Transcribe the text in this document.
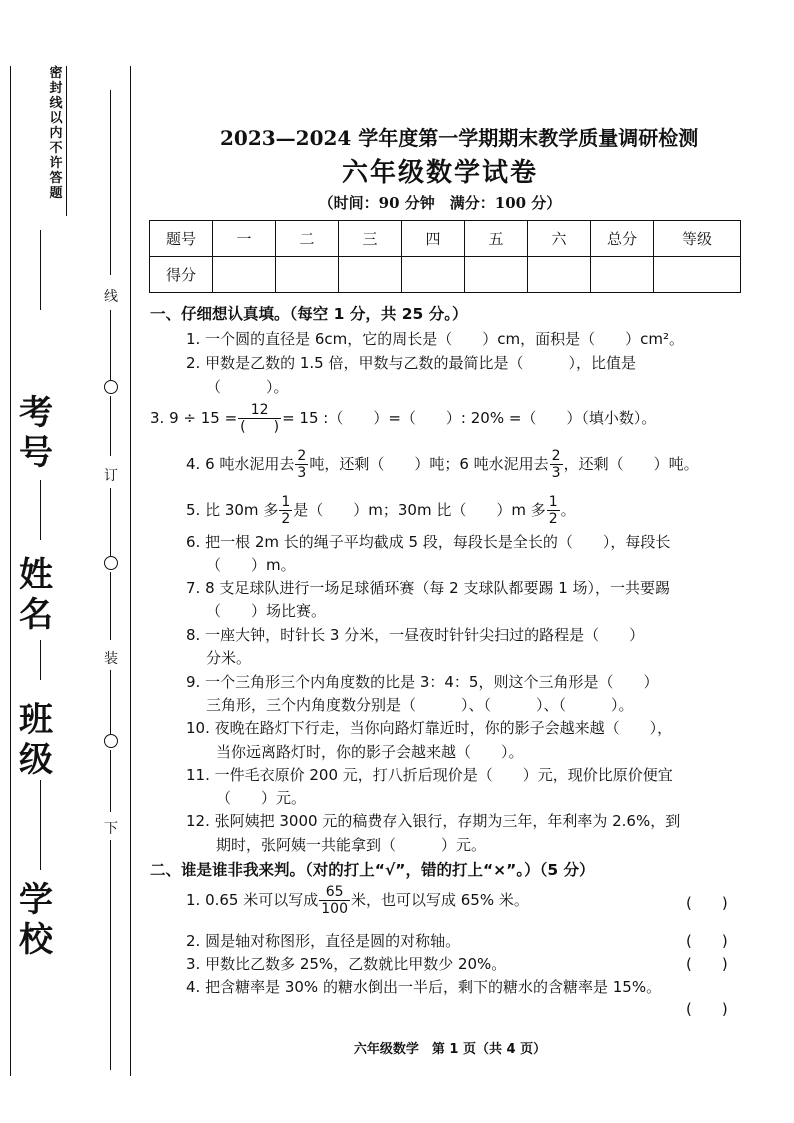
密封线以内不许答题
考号
姓名
班级
学校
线
订
装
下
2023—2024 学年度第一学期期末教学质量调研检测
六年级数学试卷
（时间：90 分钟　满分：100 分）
题号	一	二	三	四	五	六	总分	等级
得分								
一、仔细想认真填。（每空 1 分，共 25 分。）
1. 一个圆的直径是 6cm，它的周长是（　　）cm，面积是（　　）cm²。
2. 甲数是乙数的 1.5 倍，甲数与乙数的最简比是（　　　），比值是
（　　　）。
3. $9 \div 15 = \frac{12}{( )} = 15$ :（　　）=（　　）: 20% =（　　）（填小数）。
4. 6 吨水泥用去 $\frac{2}{3}$ 吨，还剩（　　）吨；6 吨水泥用去 $\frac{2}{3}$ ，还剩（　　）吨。
5. 比 30m 多 $\frac{1}{2}$ 是（　　）m；30m 比（　　）m 多 $\frac{1}{2}$ 。
6. 把一根 2m 长的绳子平均截成 5 段，每段长是全长的（　　），每段长
（　　）m。
7. 8 支足球队进行一场足球循环赛（每 2 支球队都要踢 1 场），一共要踢
（　　）场比赛。
8. 一座大钟，时针长 3 分米，一昼夜时针针尖扫过的路程是（　　）
分米。
9. 一个三角形三个内角度数的比是 3：4：5，则这个三角形是（　　）
三角形，三个内角度数分别是（　　　）、（　　　）、（　　　）。
10. 夜晚在路灯下行走，当你向路灯靠近时，你的影子会越来越（　　），
当你远离路灯时，你的影子会越来越（　　）。
11. 一件毛衣原价 200 元，打八折后现价是（　　）元，现价比原价便宜
（　　）元。
12. 张阿姨把 3000 元的稿费存入银行，存期为三年，年利率为 2.6%，到
期时，张阿姨一共能拿到（　　　）元。
二、谁是谁非我来判。（对的打上“√”，错的打上“×”。）（5 分）
1. 0.65 米可以写成 $\frac{65}{100}$ 米，也可以写成 65% 米。	(　　)
2. 圆是轴对称图形，直径是圆的对称轴。	(　　)
3. 甲数比乙数多 25%，乙数就比甲数少 20%。	(　　)
4. 把含糖率是 30% 的糖水倒出一半后，剩下的糖水的含糖率是 15%。
(　　)
六年级数学　第 1 页（共 4 页）
